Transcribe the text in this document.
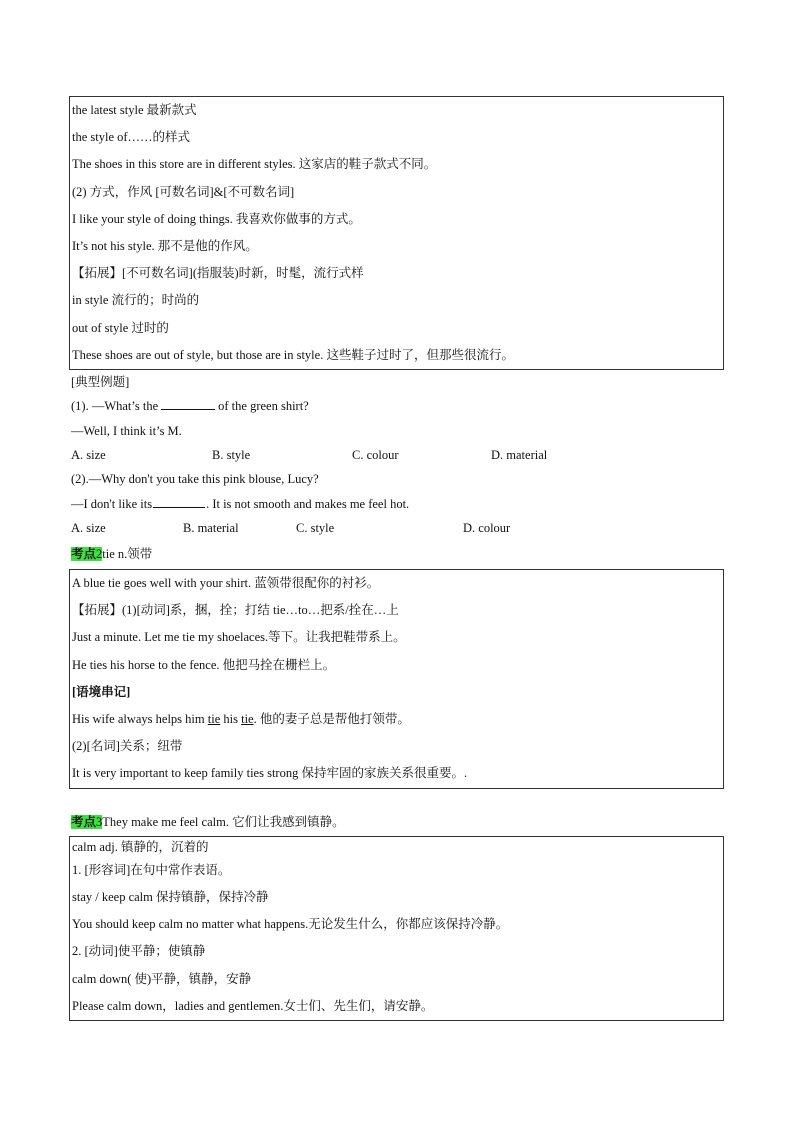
the latest style 最新款式
the style of……的样式
The shoes in this store are in different styles. 这家店的鞋子款式不同。
(2) 方式，作风 [可数名词]&[不可数名词]
I like your style of doing things. 我喜欢你做事的方式。
It’s not his style. 那不是他的作风。
【拓展】[不可数名词](指服装)时新，时髦，流行式样
in style 流行的；时尚的
out of style 过时的
These shoes are out of style, but those are in style. 这些鞋子过时了，但那些很流行。
[典型例题]
(1). —What’s the	of the green shirt?
—Well, I think it’s M.
A. size	B. style	C. colour	D. material
(2).—Why don't you take this pink blouse, Lucy?
—I don't like its	. It is not smooth and makes me feel hot.
A. size	B. material	C. style	D. colour
考点2tie n.领带
A blue tie goes well with your shirt. 蓝领带很配你的衬衫。
【拓展】(1)[动词]系，捆，拴；打结 tie…to…把系/拴在…上
Just a minute. Let me tie my shoelaces.等下。让我把鞋带系上。
He ties his horse to the fence. 他把马拴在栅栏上。
[语境串记]
His wife always helps him tie his tie. 他的妻子总是帮他打领带。
(2)[名词]关系；纽带
It is very important to keep family ties strong 保持牢固的家族关系很重要。.
考点3They make me feel calm. 它们让我感到镇静。
calm adj. 镇静的，沉着的
1. [形容词]在句中常作表语。
stay / keep calm 保持镇静，保持冷静
You should keep calm no matter what happens.无论发生什么，你都应该保持冷静。
2. [动词]使平静；使镇静
calm down( 使)平静，镇静，安静
Please calm down，ladies and gentlemen.女士们、先生们，请安静。
